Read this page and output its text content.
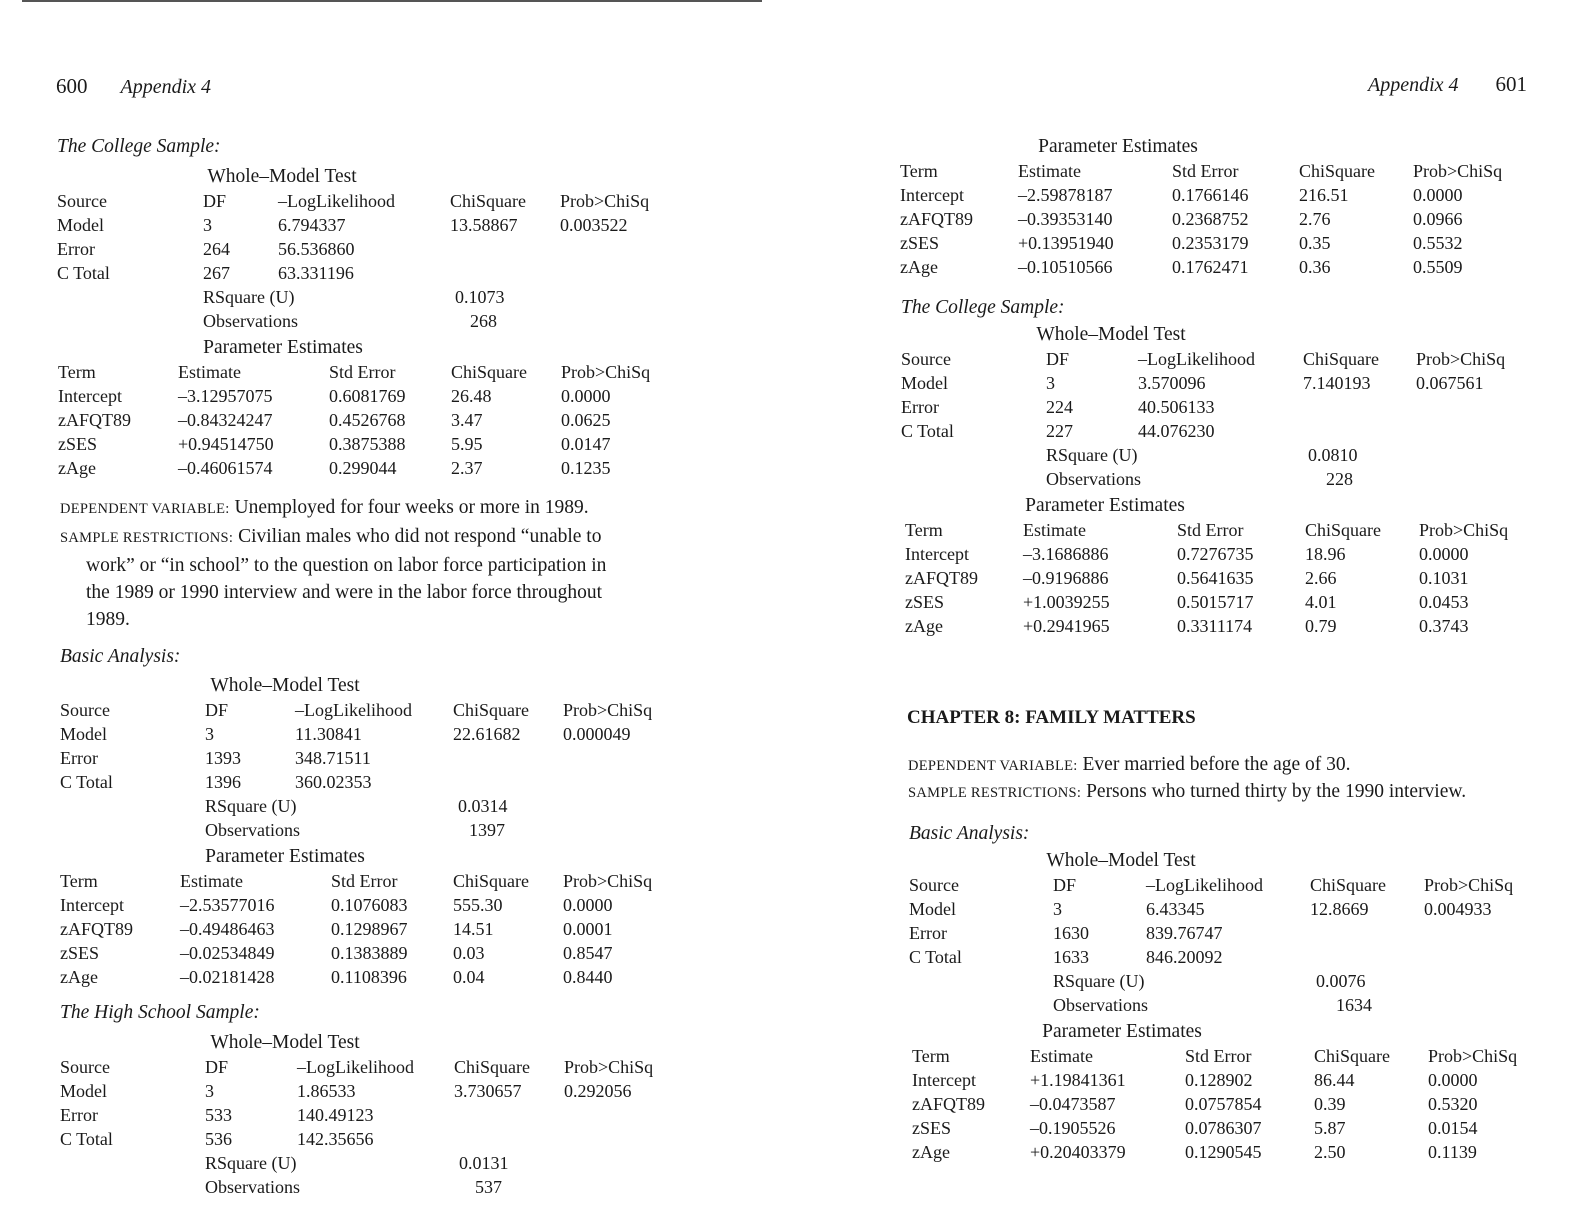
600 Appendix 4
The College Sample:
Whole–Model Test
Source	DF	–LogLikelihood	ChiSquare	Prob>ChiSq
Model	3	6.794337	13.58867	0.003522
Error	264	56.536860
C Total	267	63.331196
RSquare (U)	0.1073
Observations	268
Parameter Estimates
Term	Estimate	Std Error	ChiSquare	Prob>ChiSq
Intercept	–3.12957075	0.6081769	26.48	0.0000
zAFQT89	–0.84324247	0.4526768	3.47	0.0625
zSES	+0.94514750	0.3875388	5.95	0.0147
zAge	–0.46061574	0.299044	2.37	0.1235
DEPENDENT VARIABLE: Unemployed for four weeks or more in 1989.
SAMPLE RESTRICTIONS: Civilian males who did not respond “unable to
work” or “in school” to the question on labor force participation in
the 1989 or 1990 interview and were in the labor force throughout
1989.
Basic Analysis:
Whole–Model Test
Source	DF	–LogLikelihood	ChiSquare	Prob>ChiSq
Model	3	11.30841	22.61682	0.000049
Error	1393	348.71511
C Total	1396	360.02353
RSquare (U)	0.0314
Observations	1397
Parameter Estimates
Term	Estimate	Std Error	ChiSquare	Prob>ChiSq
Intercept	–2.53577016	0.1076083	555.30	0.0000
zAFQT89	–0.49486463	0.1298967	14.51	0.0001
zSES	–0.02534849	0.1383889	0.03	0.8547
zAge	–0.02181428	0.1108396	0.04	0.8440
The High School Sample:
Whole–Model Test
Source	DF	–LogLikelihood	ChiSquare	Prob>ChiSq
Model	3	1.86533	3.730657	0.292056
Error	533	140.49123
C Total	536	142.35656
RSquare (U)	0.0131
Observations	537
Appendix 4 601
Parameter Estimates
Term	Estimate	Std Error	ChiSquare	Prob>ChiSq
Intercept	–2.59878187	0.1766146	216.51	0.0000
zAFQT89	–0.39353140	0.2368752	2.76	0.0966
zSES	+0.13951940	0.2353179	0.35	0.5532
zAge	–0.10510566	0.1762471	0.36	0.5509
The College Sample:
Whole–Model Test
Source	DF	–LogLikelihood	ChiSquare	Prob>ChiSq
Model	3	3.570096	7.140193	0.067561
Error	224	40.506133
C Total	227	44.076230
RSquare (U)	0.0810
Observations	228
Parameter Estimates
Term	Estimate	Std Error	ChiSquare	Prob>ChiSq
Intercept	–3.1686886	0.7276735	18.96	0.0000
zAFQT89	–0.9196886	0.5641635	2.66	0.1031
zSES	+1.0039255	0.5015717	4.01	0.0453
zAge	+0.2941965	0.3311174	0.79	0.3743
CHAPTER 8: FAMILY MATTERS
DEPENDENT VARIABLE: Ever married before the age of 30.
SAMPLE RESTRICTIONS: Persons who turned thirty by the 1990 interview.
Basic Analysis:
Whole–Model Test
Source	DF	–LogLikelihood	ChiSquare	Prob>ChiSq
Model	3	6.43345	12.8669	0.004933
Error	1630	839.76747
C Total	1633	846.20092
RSquare (U)	0.0076
Observations	1634
Parameter Estimates
Term	Estimate	Std Error	ChiSquare	Prob>ChiSq
Intercept	+1.19841361	0.128902	86.44	0.0000
zAFQT89	–0.0473587	0.0757854	0.39	0.5320
zSES	–0.1905526	0.0786307	5.87	0.0154
zAge	+0.20403379	0.1290545	2.50	0.1139
